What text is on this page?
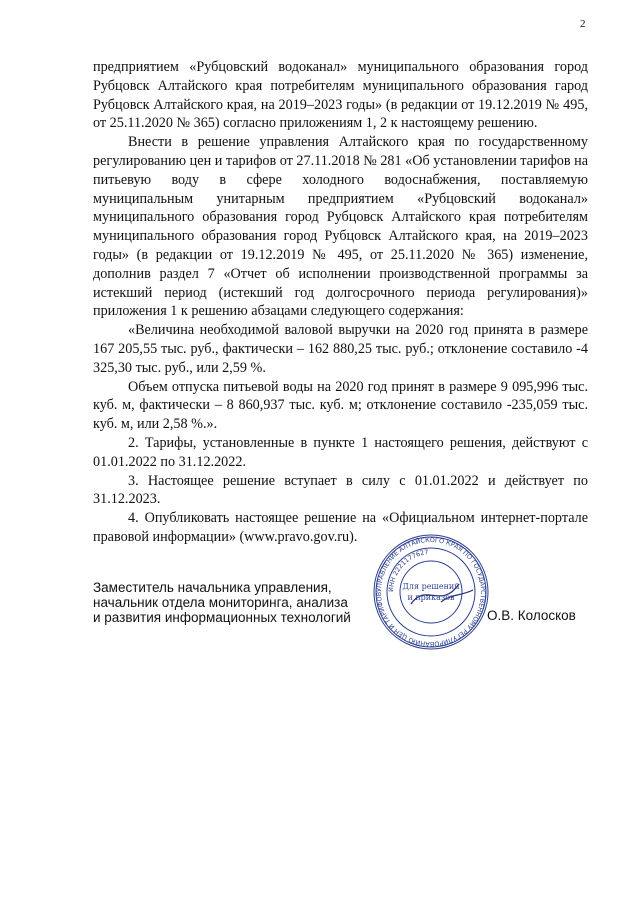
2

предприятием «Рубцовский водоканал» муниципального образования город Рубцовск Алтайского края потребителям муниципального образования гарод Рубцовск Алтайского края, на 2019–2023 годы» (в редакции от 19.12.2019 № 495, от 25.11.2020 № 365) согласно приложениям 1, 2 к настоящему решению.

Внести в решение управления Алтайского края по государственному регулированию цен и тарифов от 27.11.2018 № 281 «Об установлении тарифов на питьевую воду в сфере холодного водоснабжения, поставляемую муниципальным унитарным предприятием «Рубцовский водоканал» муниципального образования город Рубцовск Алтайского края потребителям муниципального образования город Рубцовск Алтайского края, на 2019–2023 годы» (в редакции от 19.12.2019 № 495, от 25.11.2020 № 365) изменение, дополнив раздел 7 «Отчет об исполнении производственной программы за истекший период (истекший год долгосрочного периода регулирования)» приложения 1 к решению абзацами следующего содержания:

«Величина необходимой валовой выручки на 2020 год принята в размере 167 205,55 тыс. руб., фактически – 162 880,25 тыс. руб.; отклонение составило -4 325,30 тыс. руб., или 2,59 %.

Объем отпуска питьевой воды на 2020 год принят в размере 9 095,996 тыс. куб. м, фактически – 8 860,937 тыс. куб. м; отклонение составило -235,059 тыс. куб. м, или 2,58 %.».

2. Тарифы, установленные в пункте 1 настоящего решения, действуют с 01.01.2022 по 31.12.2022.

3. Настоящее решение вступает в силу с 01.01.2022 и действует по 31.12.2023.

4. Опубликовать настоящее решение на «Официальном интернет-портале правовой информации» (www.pravo.gov.ru).

Заместитель начальника управления,
начальник отдела мониторинга, анализа
и развития информационных технологий
УПРАВЛЕНИЕ АЛТАЙСКОГО КРАЯ ПО ГОСУДАРСТВЕННОМУ РЕГУЛИРОВАНИЮ ЦЕН И ТАРИФОВ
ИНН 2221177627
Для решений
и приказов
О.В. Колосков
